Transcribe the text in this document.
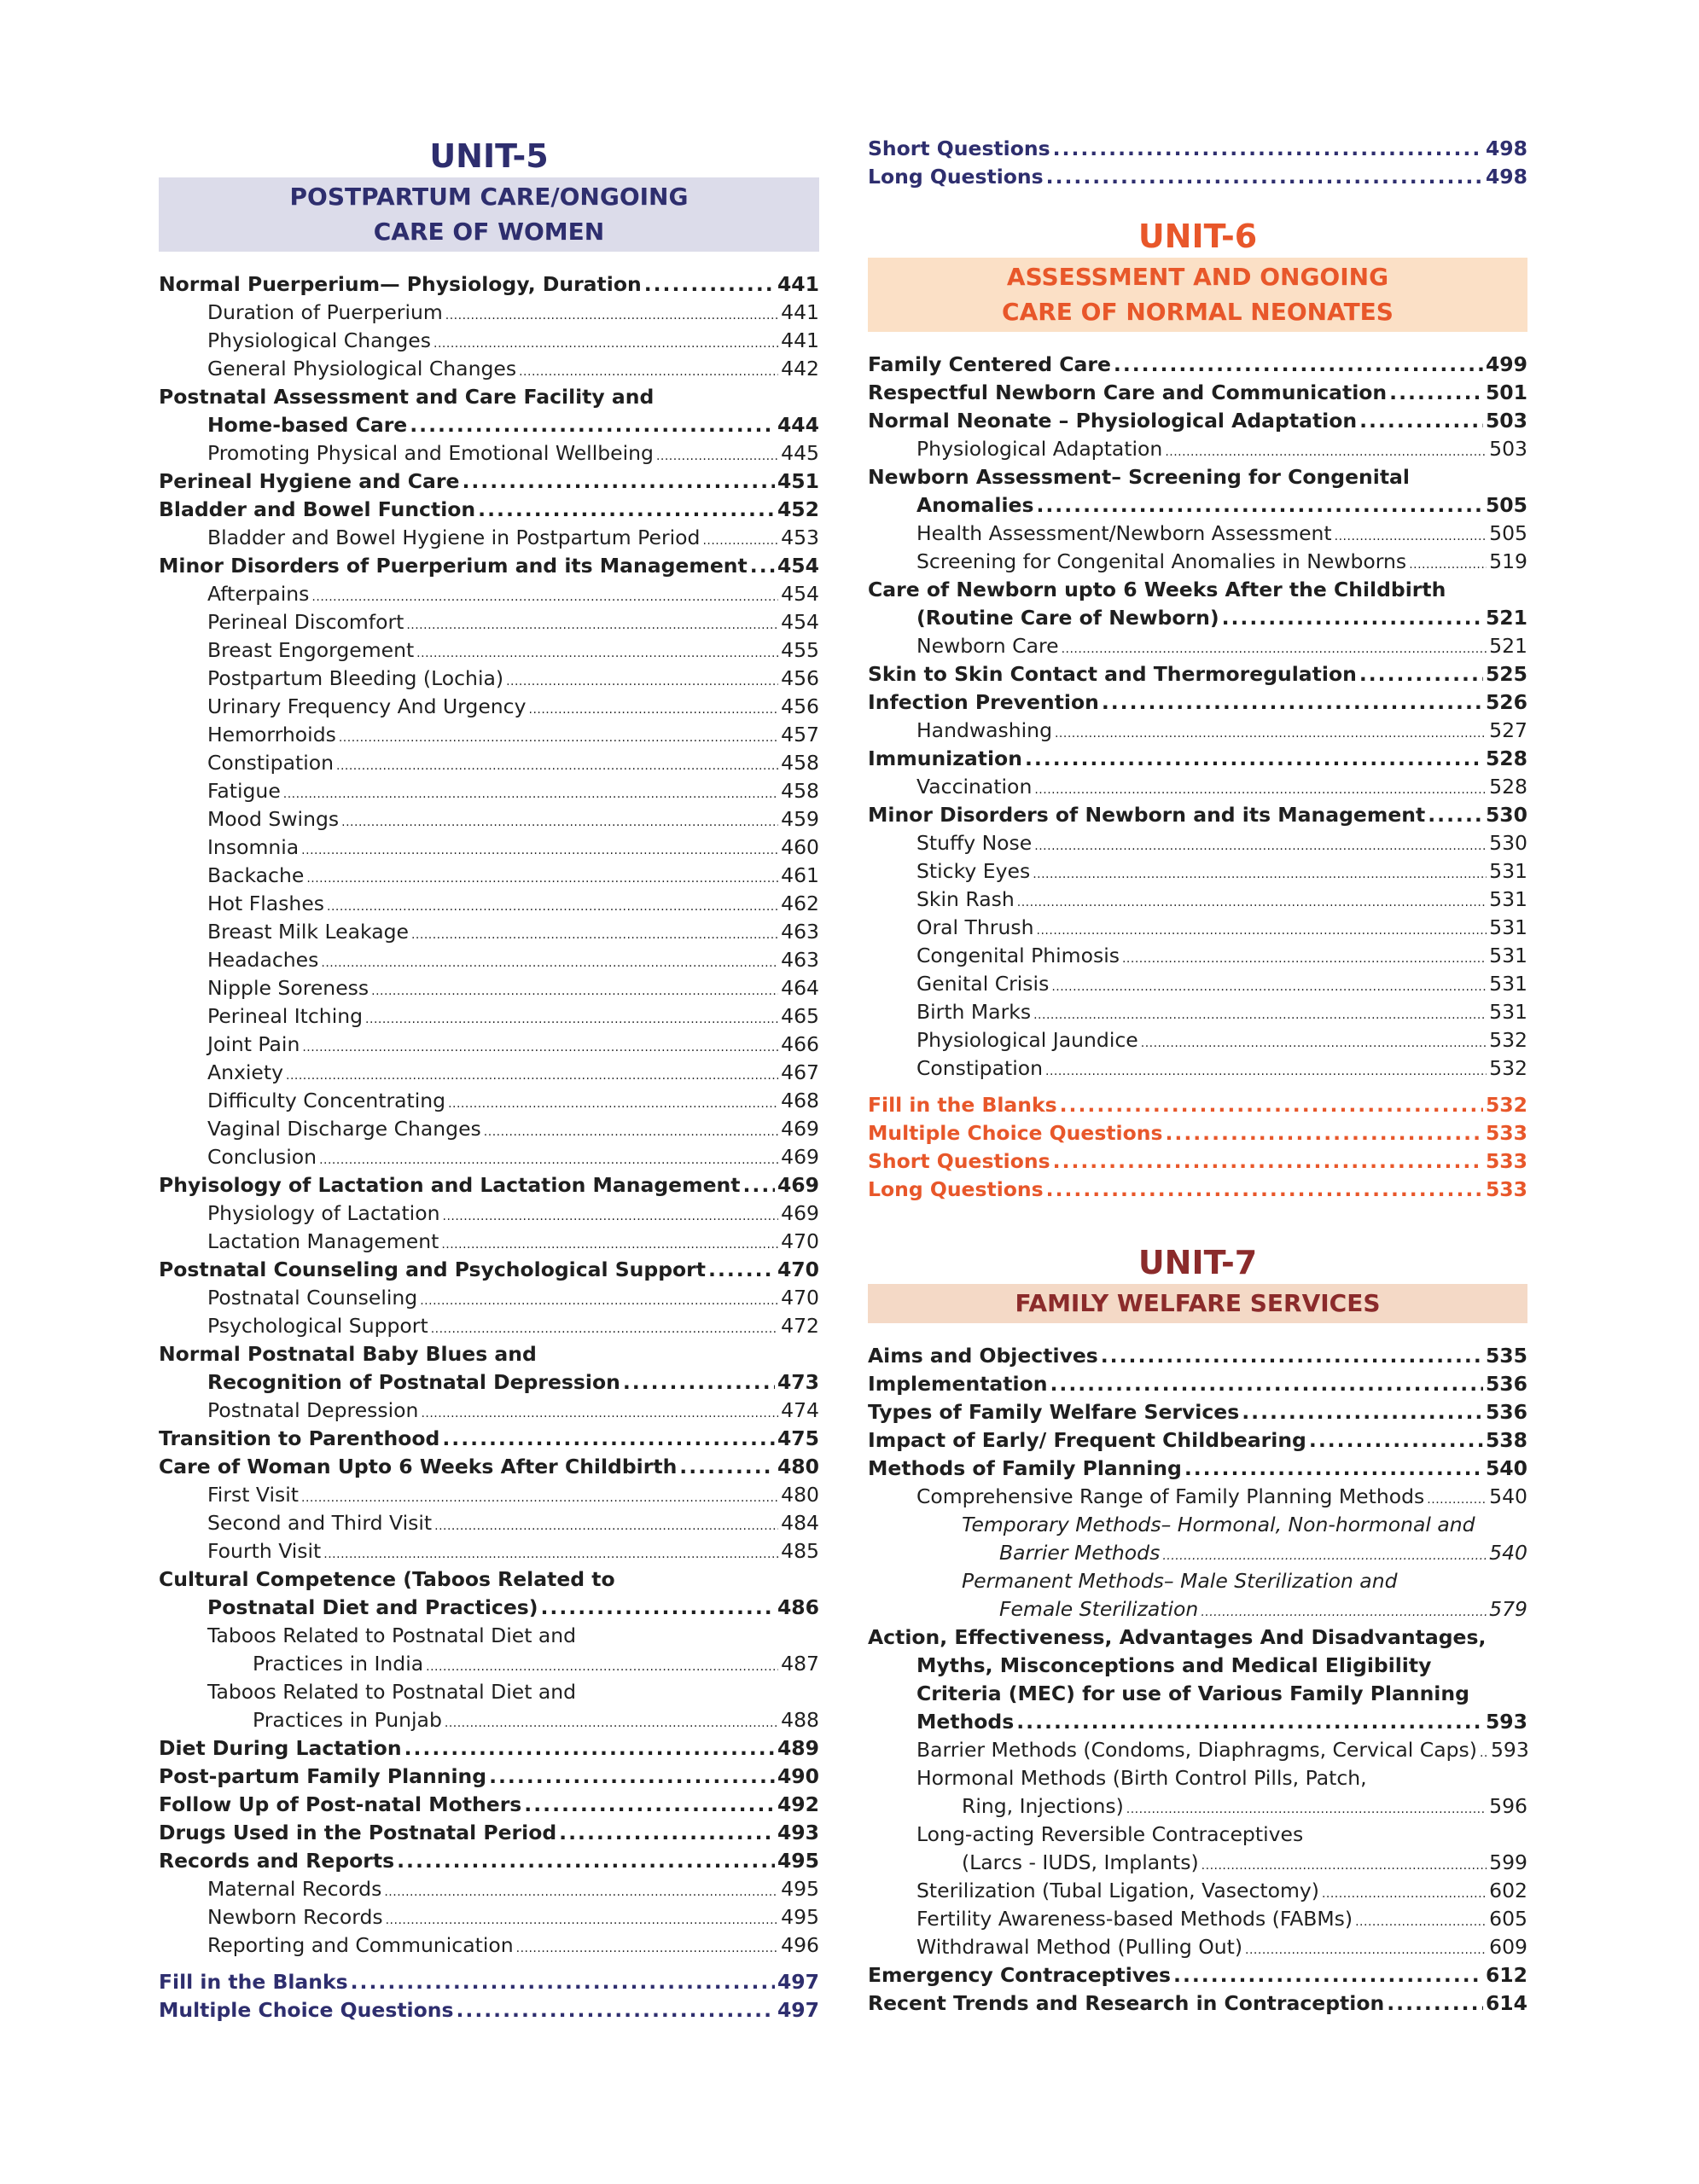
UNIT-5
POSTPARTUM CARE/ONGOING
CARE OF WOMEN
Normal Puerperium— Physiology, Duration .....	441
Duration of Puerperium .....	441
Physiological Changes .....	441
General Physiological Changes .....	442
Postnatal Assessment and Care Facility and
Home-based Care .....	444
Promoting Physical and Emotional Wellbeing .....	445
Perineal Hygiene and Care .....	451
Bladder and Bowel Function .....	452
Bladder and Bowel Hygiene in Postpartum Period .....	453
Minor Disorders of Puerperium and its Management ..... 454
Afterpains .....	454
Perineal Discomfort .....	454
Breast Engorgement .....	455
Postpartum Bleeding (Lochia) .....	456
Urinary Frequency And Urgency .....	456
Hemorrhoids .....	457
Constipation .....	458
Fatigue .....	458
Mood Swings .....	459
Insomnia .....	460
Backache .....	461
Hot Flashes .....	462
Breast Milk Leakage .....	463
Headaches .....	463
Nipple Soreness .....	464
Perineal Itching .....	465
Joint Pain .....	466
Anxiety .....	467
Difficulty Concentrating .....	468
Vaginal Discharge Changes .....	469
Conclusion .....	469
Phyisology of Lactation and Lactation Management ..... 469
Physiology of Lactation .....	469
Lactation Management .....	470
Postnatal Counseling and Psychological Support .....	470
Postnatal Counseling .....	470
Psychological Support .....	472
Normal Postnatal Baby Blues and
Recognition of Postnatal Depression .....	473
Postnatal Depression .....	474
Transition to Parenthood .....	475
Care of Woman Upto 6 Weeks After Childbirth .....	480
First Visit .....	480
Second and Third Visit .....	484
Fourth Visit .....	485
Cultural Competence (Taboos Related to
Postnatal Diet and Practices) .....	486
Taboos Related to Postnatal Diet and
Practices in India .....	487
Taboos Related to Postnatal Diet and
Practices in Punjab .....	488
Diet During Lactation .....	489
Post-partum Family Planning .....	490
Follow Up of Post-natal Mothers .....	492
Drugs Used in the Postnatal Period .....	493
Records and Reports .....	495
Maternal Records .....	495
Newborn Records .....	495
Reporting and Communication .....	496
Fill in the Blanks .....	497
Multiple Choice Questions .....	497
Short Questions .....	498
Long Questions .....	498
UNIT-6
ASSESSMENT AND ONGOING
CARE OF NORMAL NEONATES
Family Centered Care .....	499
Respectful Newborn Care and Communication .....	501
Normal Neonate – Physiological Adaptation .....	503
Physiological Adaptation .....	503
Newborn Assessment– Screening for Congenital
Anomalies .....	505
Health Assessment/Newborn Assessment .....	505
Screening for Congenital Anomalies in Newborns .....	519
Care of Newborn upto 6 Weeks After the Childbirth
(Routine Care of Newborn) .....	521
Newborn Care .....	521
Skin to Skin Contact and Thermoregulation .....	525
Infection Prevention .....	526
Handwashing .....	527
Immunization .....	528
Vaccination .....	528
Minor Disorders of Newborn and its Management .....	530
Stuffy Nose .....	530
Sticky Eyes .....	531
Skin Rash .....	531
Oral Thrush .....	531
Congenital Phimosis .....	531
Genital Crisis .....	531
Birth Marks .....	531
Physiological Jaundice .....	532
Constipation .....	532
Fill in the Blanks .....	532
Multiple Choice Questions .....	533
Short Questions .....	533
Long Questions .....	533
UNIT-7
FAMILY WELFARE SERVICES
Aims and Objectives .....	535
Implementation .....	536
Types of Family Welfare Services .....	536
Impact of Early/ Frequent Childbearing .....	538
Methods of Family Planning .....	540
Comprehensive Range of Family Planning Methods .....	540
Temporary Methods– Hormonal, Non-hormonal and
Barrier Methods .....	540
Permanent Methods– Male Sterilization and
Female Sterilization .....	579
Action, Effectiveness, Advantages And Disadvantages,
Myths, Misconceptions and Medical Eligibility
Criteria (MEC) for use of Various Family Planning
Methods .....	593
Barrier Methods (Condoms, Diaphragms, Cervical Caps) ..... 593
Hormonal Methods (Birth Control Pills, Patch,
Ring, Injections) .....	596
Long-acting Reversible Contraceptives
(Larcs - IUDS, Implants) .....	599
Sterilization (Tubal Ligation, Vasectomy) .....	602
Fertility Awareness-based Methods (FABMs) .....	605
Withdrawal Method (Pulling Out) .....	609
Emergency Contraceptives .....	612
Recent Trends and Research in Contraception .....	614
